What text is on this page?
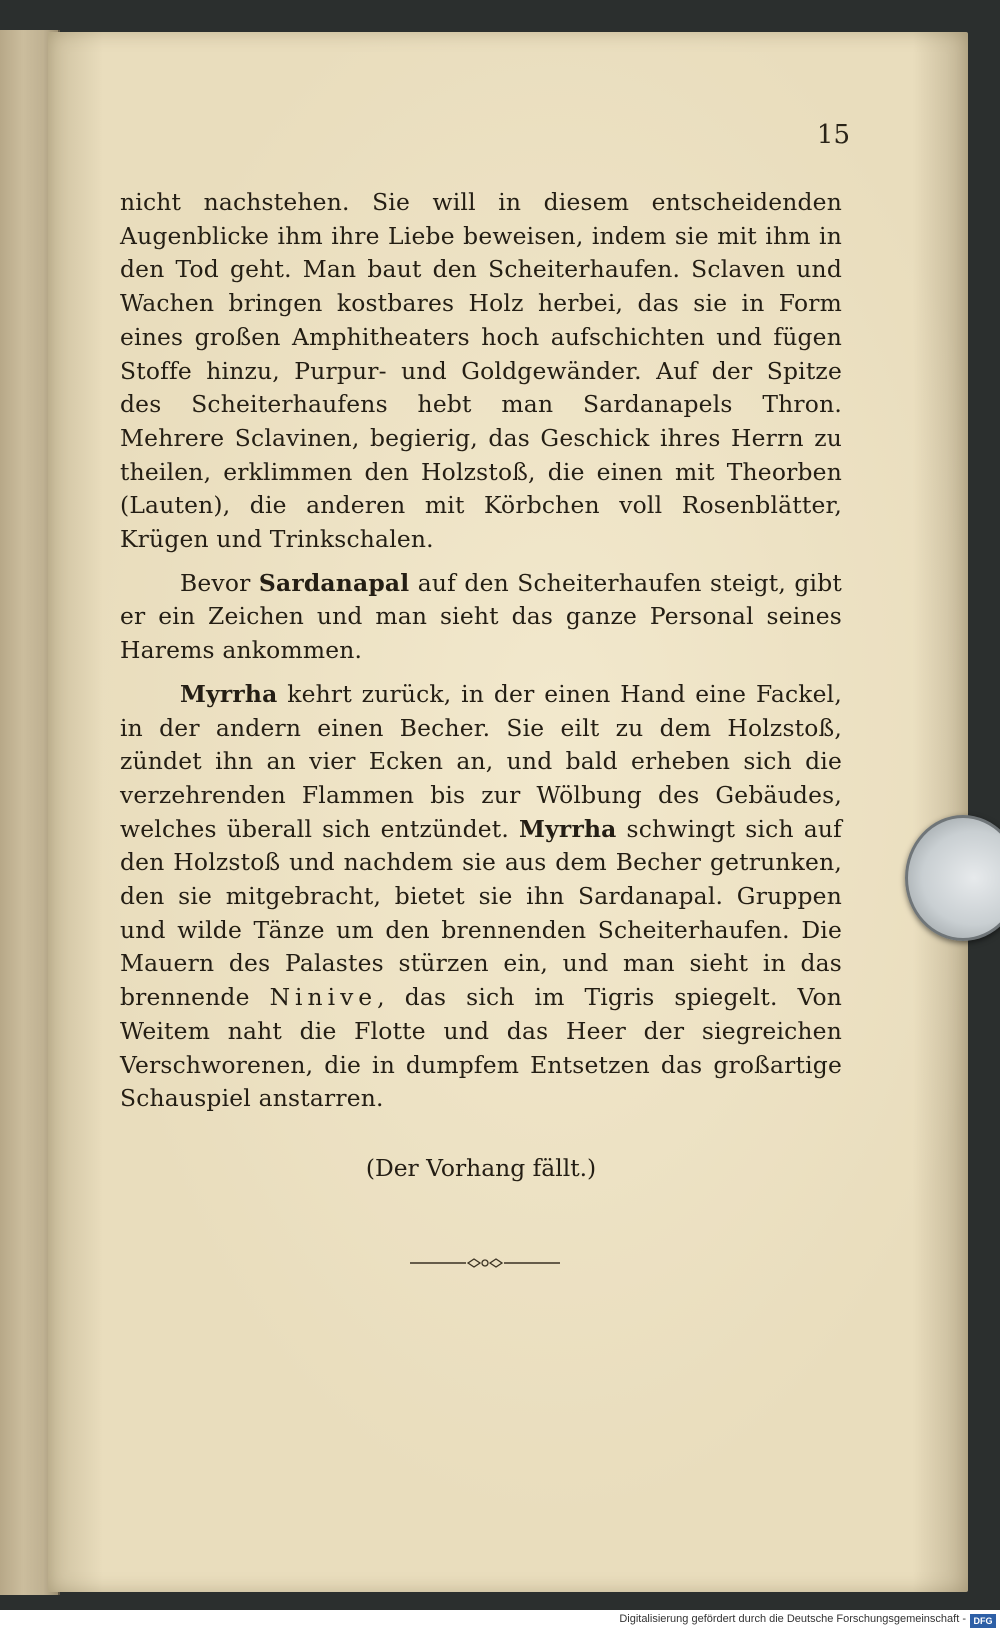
15

nicht nachstehen. Sie will in diesem entscheidenden Augenblicke ihm ihre Liebe beweisen, indem sie mit ihm in den Tod geht. Man baut den Scheiterhaufen. Sclaven und Wachen bringen kostbares Holz herbei, das sie in Form eines großen Amphitheaters hoch aufschichten und fügen Stoffe hinzu, Purpur- und Goldgewänder. Auf der Spitze des Scheiterhaufens hebt man Sardanapels Thron. Mehrere Sclavinen, begierig, das Geschick ihres Herrn zu theilen, erklimmen den Holzstoß, die einen mit Theorben (Lauten), die anderen mit Körbchen voll Rosenblätter, Krügen und Trinkschalen.

Bevor Sardanapal auf den Scheiterhaufen steigt, gibt er ein Zeichen und man sieht das ganze Personal seines Harems ankommen.

Myrrha kehrt zurück, in der einen Hand eine Fackel, in der andern einen Becher. Sie eilt zu dem Holzstoß, zündet ihn an vier Ecken an, und bald erheben sich die verzehrenden Flammen bis zur Wölbung des Gebäudes, welches überall sich entzündet. Myrrha schwingt sich auf den Holzstoß und nachdem sie aus dem Becher getrunken, den sie mitgebracht, bietet sie ihn Sardanapal. Gruppen und wilde Tänze um den brennenden Scheiterhaufen. Die Mauern des Palastes stürzen ein, und man sieht in das brennende Ninive, das sich im Tigris spiegelt. Von Weitem naht die Flotte und das Heer der siegreichen Verschworenen, die in dumpfem Entsetzen das großartige Schauspiel anstarren.

(Der Vorhang fällt.)
Digitalisierung gefördert durch die Deutsche Forschungsgemeinschaft - DFG
